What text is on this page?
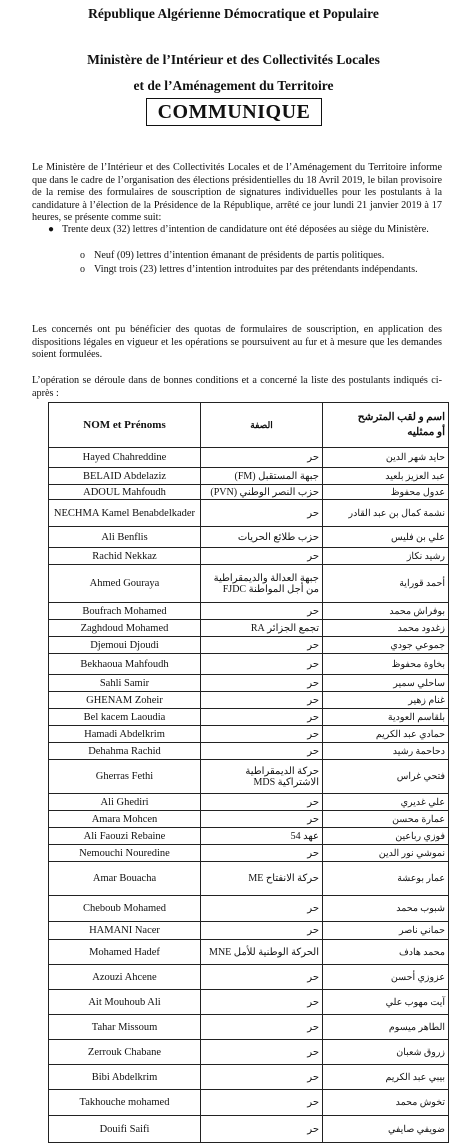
République Algérienne Démocratique et Populaire
Ministère de l’Intérieur et des Collectivités Locales
et de l’Aménagement du Territoire
COMMUNIQUE
Le Ministère de l’Intérieur et des Collectivités Locales et de l’Aménagement du Territoire informe que dans le cadre de l’organisation des élections présidentielles du 18 Avril 2019, le bilan provisoire de la remise des formulaires de souscription de signatures individuelles pour les postulants à la candidature à l’élection de la Présidence de la République, arrêté ce jour lundi 21 janvier 2019 à 17 heures, se présente comme suit:
● Trente deux (32) lettres d’intention de candidature ont été déposées au siège du Ministère.
o Neuf (09) lettres d’intention émanant de présidents de partis politiques.
o Vingt trois (23) lettres d’intention introduites par des prétendants indépendants.
Les concernés ont pu bénéficier des quotas de formulaires de souscription, en application des dispositions légales en vigueur et les opérations se poursuivent au fur et à mesure que les demandes soient formulées.
L’opération se déroule dans de bonnes conditions et a concerné la liste des postulants indiqués ci-après :
NOM et Prénoms	الصفة	اسم و لقب المترشح
أو ممثليه

Hayed Chahreddine	حر	حايد شهر الدين
BELAID Abdelaziz	جبهة المستقبل (FM)	عبد العزيز بلعيد
ADOUL Mahfoudh	حزب النصر الوطني (PVN)	عدول محفوظ
NECHMA Kamel Benabdelkader	حر	نشمة كمال بن عبد القادر
Ali Benflis	حزب طلائع الحريات	علي بن فليس
Rachid Nekkaz	حر	رشيد نكاز
Ahmed Gouraya	جبهة العدالة والديمقراطية من أجل المواطنة FJDC	أحمد قوراية
Boufrach Mohamed	حر	بوفراش محمد
Zaghdoud Mohamed	تجمع الجزائر RA	زغدود محمد
Djemoui Djoudi	حر	جموعي جودي
Bekhaoua Mahfoudh	حر	بخاوة محفوظ
Sahli Samir	حر	ساحلي سمير
GHENAM Zoheir	حر	غنام زهير
Bel kacem Laoudia	حر	بلقاسم العودية
Hamadi Abdelkrim	حر	حمادي عبد الكريم
Dehahma Rachid	حر	دحاحمة رشيد
Gherras Fethi	حركة الديمقراطية الاشتراكية MDS	فتحي غراس
Ali Ghediri	حر	علي غديري
Amara Mohcen	حر	عمارة محسن
Ali Faouzi Rebaine	عهد 54	فوزي رباعين
Nemouchi Nouredine	حر	نموشي نور الدين
Amar Bouacha	حركة الانفتاح ME	عمار بوعشة
Cheboub Mohamed	حر	شبوب محمد
HAMANI Nacer	حر	حماني ناصر
Mohamed Hadef	الحركة الوطنية للأمل MNE	محمد هادف
Azouzi Ahcene	حر	عزوزي أحسن
Ait Mouhoub Ali	حر	آيت مهوب علي
Tahar Missoum	حر	الطاهر ميسوم
Zerrouk Chabane	حر	زروق شعبان
Bibi Abdelkrim	حر	بيبي عبد الكريم
Takhouche mohamed	حر	تخوش محمد
Douifi Saifi	حر	ضويفي صايفي
